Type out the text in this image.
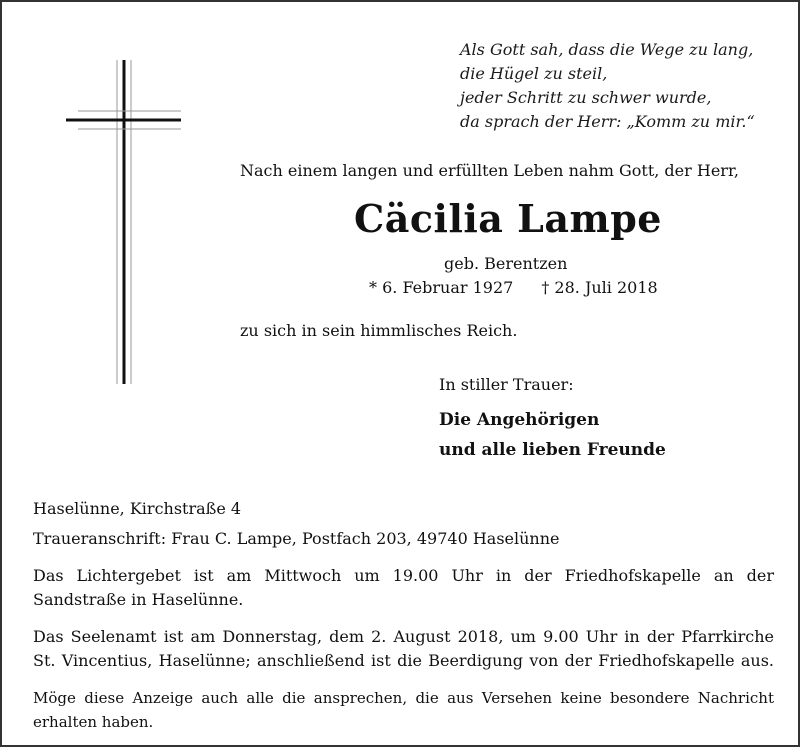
Als Gott sah, dass die Wege zu lang,
die Hügel zu steil,
jeder Schritt zu schwer wurde,
da sprach der Herr: „Komm zu mir.“
Nach einem langen und erfüllten Leben nahm Gott, der Herr,
Cäcilia Lampe
geb. Berentzen
* 6. Februar 1927 † 28. Juli 2018
zu sich in sein himmlisches Reich.
In stiller Trauer:
Die Angehörigen
und alle lieben Freunde
Haselünne, Kirchstraße 4
Traueranschrift: Frau C. Lampe, Postfach 203, 49740 Haselünne
Das Lichtergebet ist am Mittwoch um 19.00 Uhr in der Friedhofskapelle an der
Sandstraße in Haselünne.
Das Seelenamt ist am Donnerstag, dem 2. August 2018, um 9.00 Uhr in der Pfarrkirche
St. Vincentius, Haselünne; anschließend ist die Beerdigung von der Friedhofskapelle aus.
Möge diese Anzeige auch alle die ansprechen, die aus Versehen keine besondere Nachricht
erhalten haben.
